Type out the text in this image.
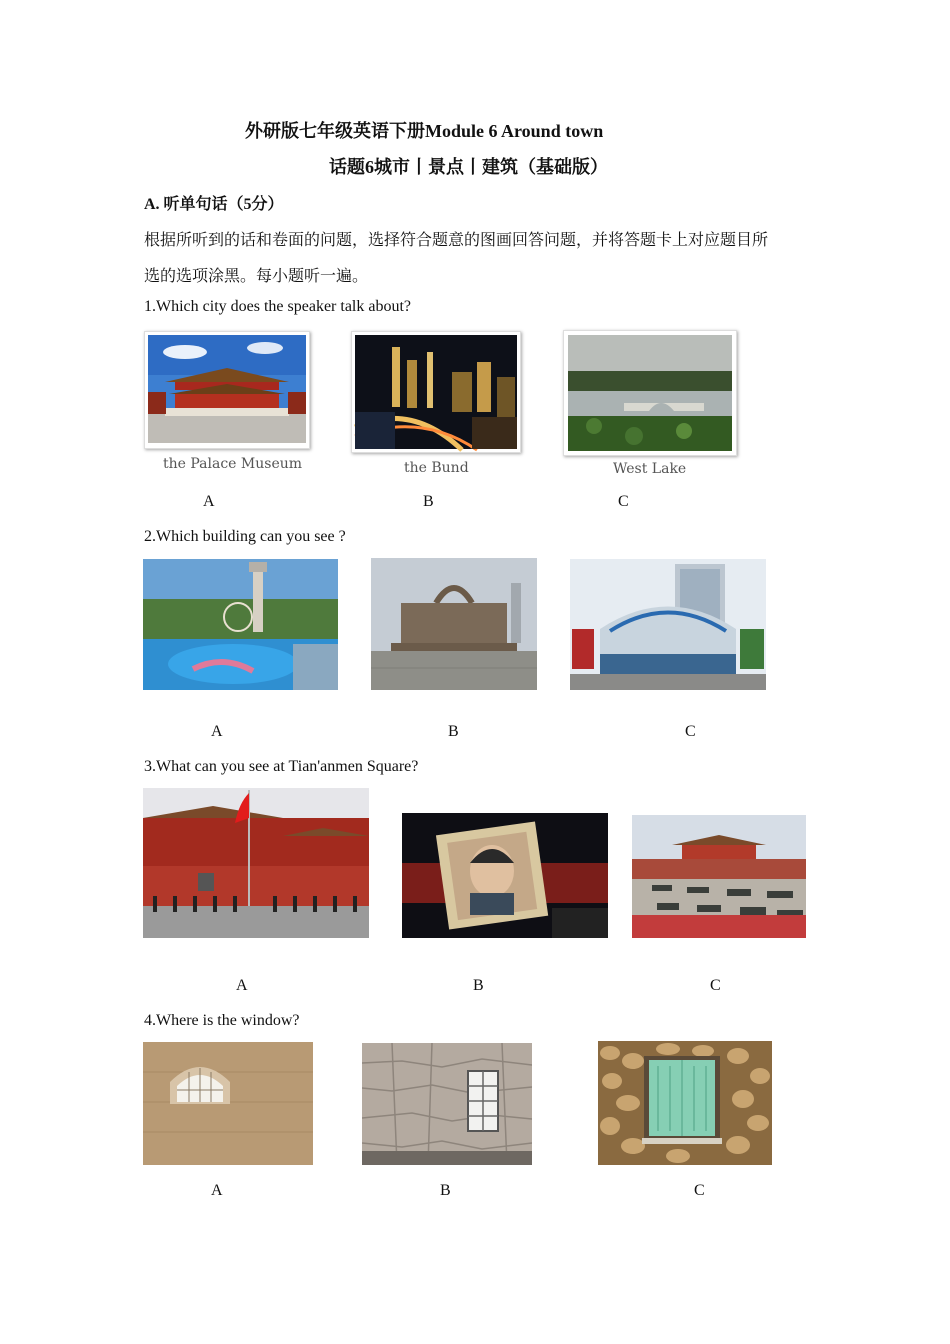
外研版七年级英语下册Module 6 Around town
话题6城市丨景点丨建筑（基础版）
A. 听单句话（5分）
根据所听到的话和卷面的问题，选择符合题意的图画回答问题，并将答题卡上对应题目所
选的选项涂黑。每小题听一遍。
1.Which city does the speaker talk about?
the Palace Museum	the Bund	West Lake
A	B	C
2.Which building can you see ?
A	B	C
3.What can you see at Tian'anmen Square?
A	B	C
4.Where is the window?
A	B	C
